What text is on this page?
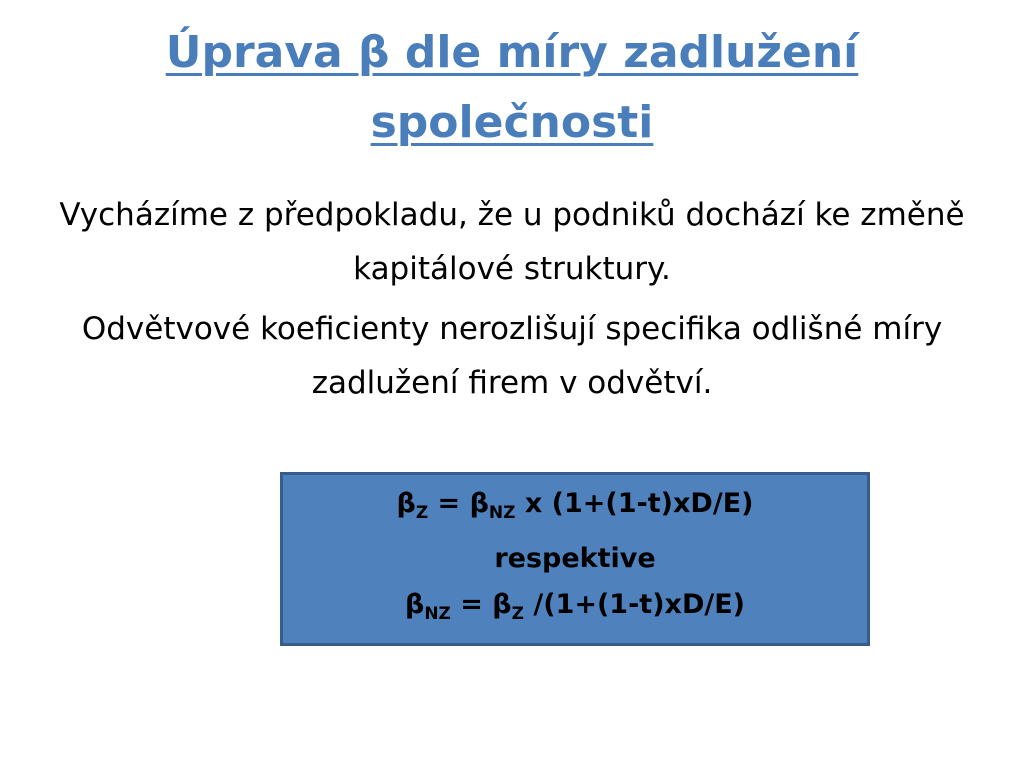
Úprava β dle míry zadlužení
společnosti

Vycházíme z předpokladu, že u podniků dochází ke změně kapitálové struktury.

Odvětvové koeficienty nerozlišují specifika odlišné míry zadlužení firem v odvětví.

$\beta_Z = \beta_{NZ}$ x (1+(1-t)xD/E)
respektive
$\beta_{NZ} = \beta_Z$ /(1+(1-t)xD/E)
